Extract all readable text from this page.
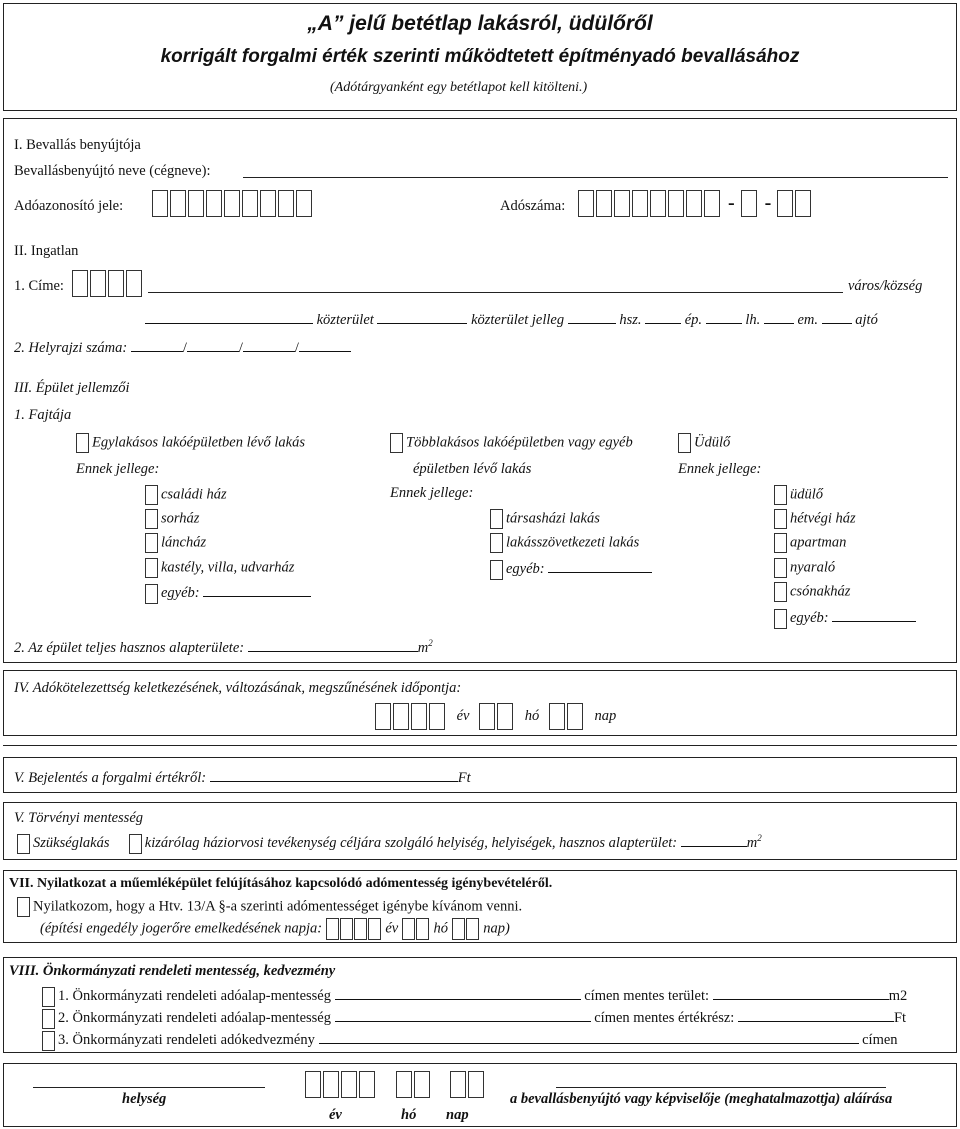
„A” jelű betétlap lakásról, üdülőről
korrigált forgalmi érték szerinti működtetett építményadó bevallásához
(Adótárgyanként egy betétlapot kell kitölteni.)
I. Bevallás benyújtója
Bevallásbenyújtó neve (cégneve):
Adóazonosító jele:	Adószáma:	- -
II. Ingatlan
1. Címe:	város/község
közterület	közterület jelleg	hsz.	ép.	lh.	em.	ajtó
2. Helyrajzi száma:	/	/	/
III. Épület jellemzői
1. Fajtája
Egylakásos lakóépületben lévő lakás
Ennek jellege:
családi ház
sorház
láncház
kastély, villa, udvarház
egyéb:
Többlakásos lakóépületben vagy egyéb
épületben lévő lakás
Ennek jellege:
társasházi lakás
lakásszövetkezeti lakás
egyéb:
Üdülő
Ennek jellege:
üdülő
hétvégi ház
apartman
nyaraló
csónakház
egyéb:
2. Az épület teljes hasznos alapterülete:	$m^2$
IV. Adókötelezettség keletkezésének, változásának, megszűnésének időpontja:
év	hó	nap
V. Bejelentés a forgalmi értékről:	Ft
V. Törvényi mentesség
Szükséglakás kizárólag háziorvosi tevékenység céljára szolgáló helyiség, helyiségek, hasznos alapterület:	$m^2$
VII. Nyilatkozat a műemléképület felújításához kapcsolódó adómentesség igénybevételéről.
Nyilatkozom, hogy a Htv. 13/A §-a szerinti adómentességet igénybe kívánom venni.
(építési engedély jogerőre emelkedésének napja:	év hó nap)
VIII. Önkormányzati rendeleti mentesség, kedvezmény
1. Önkormányzati rendeleti adóalap-mentesség	címen mentes terület:	m2
2. Önkormányzati rendeleti adóalap-mentesség	címen mentes értékrész:	Ft
3. Önkormányzati rendeleti adókedvezmény	címen
helység

év	hó nap
a bevallásbenyújtó vagy képviselője (meghatalmazottja) aláírása
